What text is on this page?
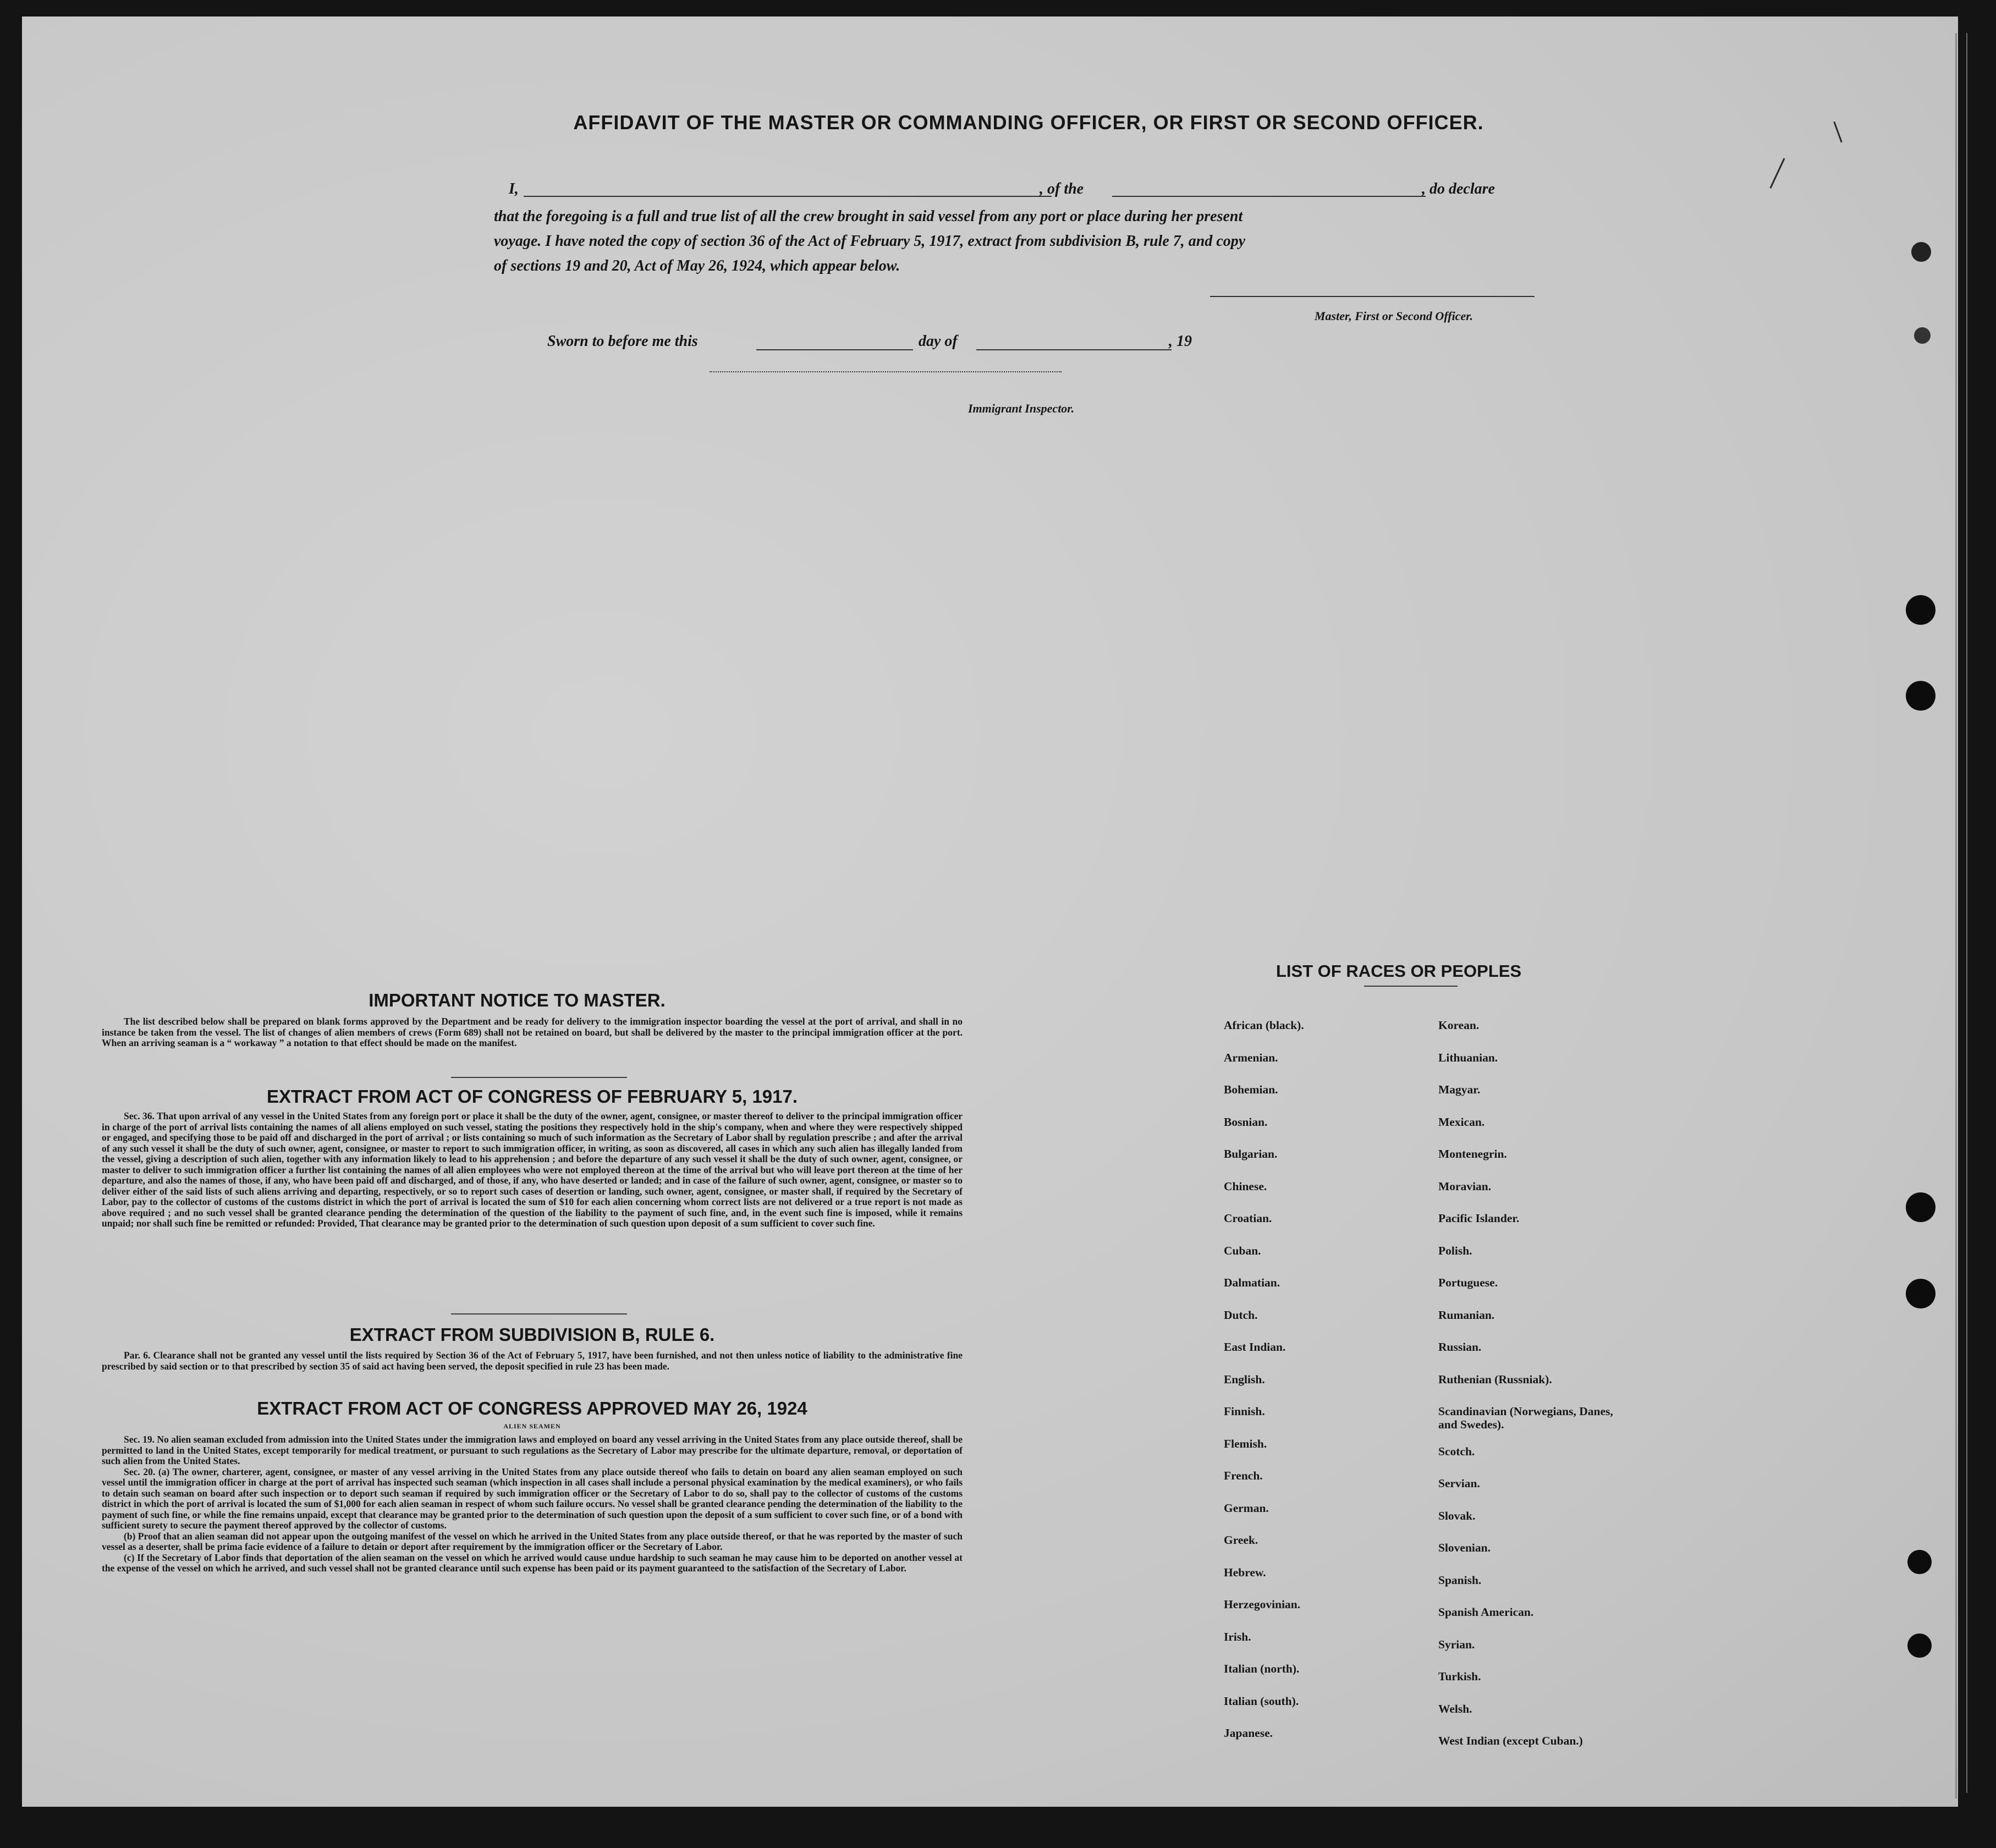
AFFIDAVIT OF THE MASTER OR COMMANDING OFFICER, OR FIRST OR SECOND OFFICER.
I,	, of the	, do declare
that the foregoing is a full and true list of all the crew brought in said vessel from any port or place during her present
voyage. I have noted the copy of section 36 of the Act of February 5, 1917, extract from subdivision B, rule 7, and copy
of sections 19 and 20, Act of May 26, 1924, which appear below.
Master, First or Second Officer.
Sworn to before me this	day of	, 19
Immigrant Inspector.
IMPORTANT NOTICE TO MASTER.

The list described below shall be prepared on blank forms approved by the Department and be ready for delivery to the immigration inspector boarding the vessel at the port of arrival, and shall in no instance be taken from the vessel. The list of changes of alien members of crews (Form 689) shall not be retained on board, but shall be delivered by the master to the principal immigration officer at the port. When an arriving seaman is a “ workaway ” a notation to that effect should be made on the manifest.

EXTRACT FROM ACT OF CONGRESS OF FEBRUARY 5, 1917.

Sec. 36. That upon arrival of any vessel in the United States from any foreign port or place it shall be the duty of the owner, agent, consignee, or master thereof to deliver to the principal immigration officer in charge of the port of arrival lists containing the names of all aliens employed on such vessel, stating the positions they respectively hold in the ship's company, when and where they were respectively shipped or engaged, and specifying those to be paid off and discharged in the port of arrival ; or lists containing so much of such information as the Secretary of Labor shall by regulation prescribe ; and after the arrival of any such vessel it shall be the duty of such owner, agent, consignee, or master to report to such immigration officer, in writing, as soon as discovered, all cases in which any such alien has illegally landed from the vessel, giving a description of such alien, together with any information likely to lead to his apprehension ; and before the departure of any such vessel it shall be the duty of such owner, agent, consignee, or master to deliver to such immigration officer a further list containing the names of all alien employees who were not employed thereon at the time of the arrival but who will leave port thereon at the time of her departure, and also the names of those, if any, who have been paid off and discharged, and of those, if any, who have deserted or landed; and in case of the failure of such owner, agent, consignee, or master so to deliver either of the said lists of such aliens arriving and departing, respectively, or so to report such cases of desertion or landing, such owner, agent, consignee, or master shall, if required by the Secretary of Labor, pay to the collector of customs of the customs district in which the port of arrival is located the sum of $10 for each alien concerning whom correct lists are not delivered or a true report is not made as above required ; and no such vessel shall be granted clearance pending the determination of the question of the liability to the payment of such fine, and, in the event such fine is imposed, while it remains unpaid; nor shall such fine be remitted or refunded: Provided, That clearance may be granted prior to the determination of such question upon deposit of a sum sufficient to cover such fine.

EXTRACT FROM SUBDIVISION B, RULE 6.

Par. 6. Clearance shall not be granted any vessel until the lists required by Section 36 of the Act of February 5, 1917, have been furnished, and not then unless notice of liability to the administrative fine prescribed by said section or to that prescribed by section 35 of said act having been served, the deposit specified in rule 23 has been made.

EXTRACT FROM ACT OF CONGRESS APPROVED MAY 26, 1924
ALIEN SEAMEN

Sec. 19. No alien seaman excluded from admission into the United States under the immigration laws and employed on board any vessel arriving in the United States from any place outside thereof, shall be permitted to land in the United States, except temporarily for medical treatment, or pursuant to such regulations as the Secretary of Labor may prescribe for the ultimate departure, removal, or deportation of such alien from the United States.

Sec. 20. (a) The owner, charterer, agent, consignee, or master of any vessel arriving in the United States from any place outside thereof who fails to detain on board any alien seaman employed on such vessel until the immigration officer in charge at the port of arrival has inspected such seaman (which inspection in all cases shall include a personal physical examination by the medical examiners), or who fails to detain such seaman on board after such inspection or to deport such seaman if required by such immigration officer or the Secretary of Labor to do so, shall pay to the collector of customs of the customs district in which the port of arrival is located the sum of $1,000 for each alien seaman in respect of whom such failure occurs. No vessel shall be granted clearance pending the determination of the liability to the payment of such fine, or while the fine remains unpaid, except that clearance may be granted prior to the determination of such question upon the deposit of a sum sufficient to cover such fine, or of a bond with sufficient surety to secure the payment thereof approved by the collector of customs.

(b) Proof that an alien seaman did not appear upon the outgoing manifest of the vessel on which he arrived in the United States from any place outside thereof, or that he was reported by the master of such vessel as a deserter, shall be prima facie evidence of a failure to detain or deport after requirement by the immigration officer or the Secretary of Labor.

(c) If the Secretary of Labor finds that deportation of the alien seaman on the vessel on which he arrived would cause undue hardship to such seaman he may cause him to be deported on another vessel at the expense of the vessel on which he arrived, and such vessel shall not be granted clearance until such expense has been paid or its payment guaranteed to the satisfaction of the Secretary of Labor.

LIST OF RACES OR PEOPLES
African (black).
Armenian.
Bohemian.
Bosnian.
Bulgarian.
Chinese.
Croatian.
Cuban.
Dalmatian.
Dutch.
East Indian.
English.
Finnish.
Flemish.
French.
German.
Greek.
Hebrew.
Herzegovinian.
Irish.
Italian (north).
Italian (south).
Japanese.
Korean.
Lithuanian.
Magyar.
Mexican.
Montenegrin.
Moravian.
Pacific Islander.
Polish.
Portuguese.
Rumanian.
Russian.
Ruthenian (Russniak).
Scandinavian (Norwegians, Danes, and Swedes).
Scotch.
Servian.
Slovak.
Slovenian.
Spanish.
Spanish American.
Syrian.
Turkish.
Welsh.
West Indian (except Cuban.)
